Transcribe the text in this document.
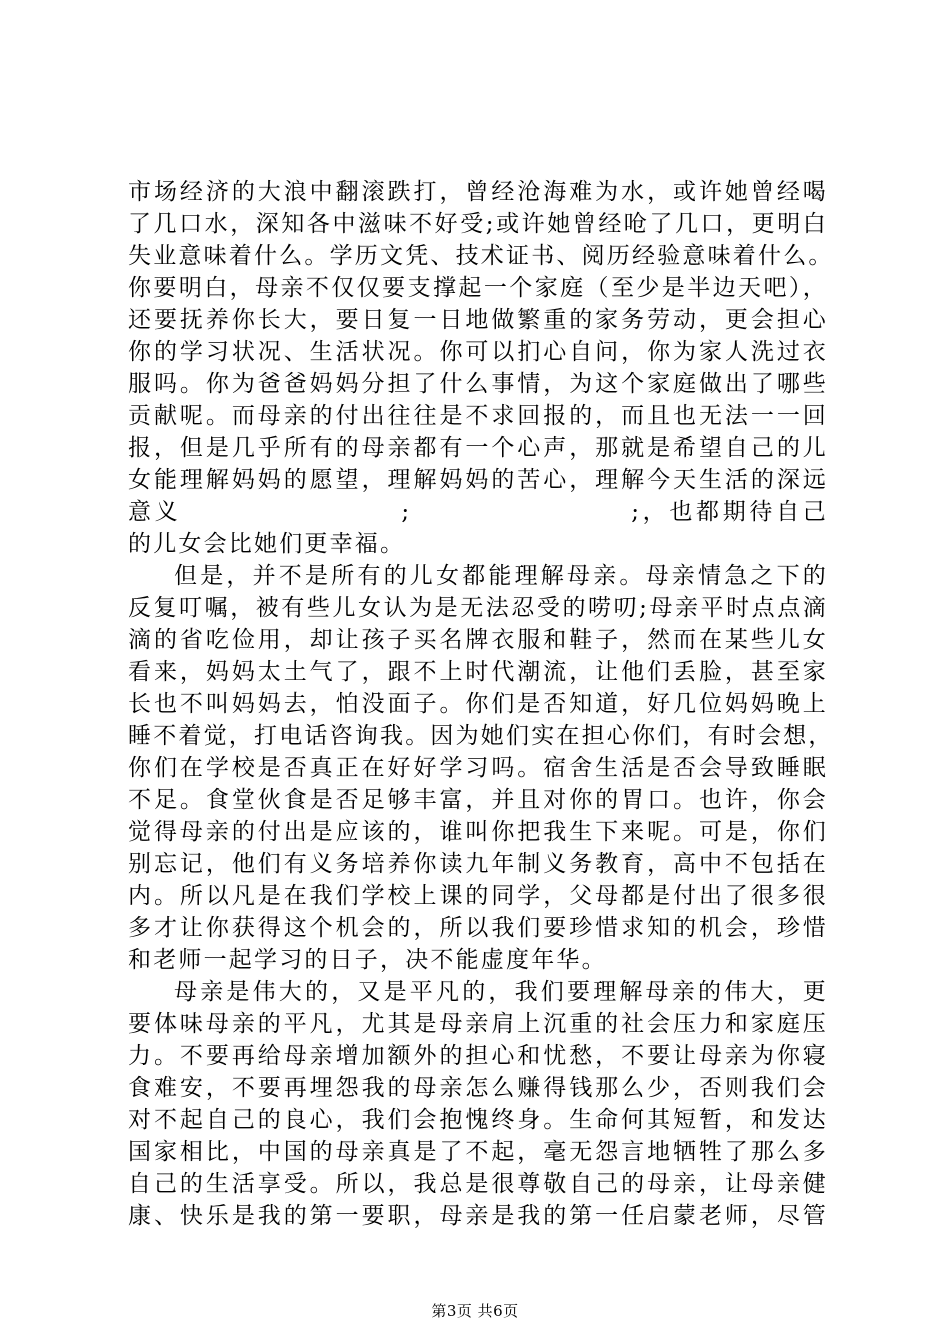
市场经济的大浪中翻滚跌打，曾经沧海难为水，或许她曾经喝
了几口水，深知各中滋味不好受;或许她曾经呛了几口，更明白
失业意味着什么。学历文凭、技术证书、阅历经验意味着什么。
你要明白，母亲不仅仅要支撑起一个家庭（至少是半边天吧），
还要抚养你长大，要日复一日地做繁重的家务劳动，更会担心
你的学习状况、生活状况。你可以扪心自问，你为家人洗过衣
服吗。你为爸爸妈妈分担了什么事情，为这个家庭做出了哪些
贡献呢。而母亲的付出往往是不求回报的，而且也无法一一回
报，但是几乎所有的母亲都有一个心声，那就是希望自己的儿
女能理解妈妈的愿望，理解妈妈的苦心，理解今天生活的深远
意义                    ;                    ;，也都期待自己
的儿女会比她们更幸福。
但是，并不是所有的儿女都能理解母亲。母亲情急之下的
反复叮嘱，被有些儿女认为是无法忍受的唠叨;母亲平时点点滴
滴的省吃俭用，却让孩子买名牌衣服和鞋子，然而在某些儿女
看来，妈妈太土气了，跟不上时代潮流，让他们丢脸，甚至家
长也不叫妈妈去，怕没面子。你们是否知道，好几位妈妈晚上
睡不着觉，打电话咨询我。因为她们实在担心你们，有时会想，
你们在学校是否真正在好好学习吗。宿舍生活是否会导致睡眠
不足。食堂伙食是否足够丰富，并且对你的胃口。也许，你会
觉得母亲的付出是应该的，谁叫你把我生下来呢。可是，你们
别忘记，他们有义务培养你读九年制义务教育，高中不包括在
内。所以凡是在我们学校上课的同学，父母都是付出了很多很
多才让你获得这个机会的，所以我们要珍惜求知的机会，珍惜
和老师一起学习的日子，决不能虚度年华。
母亲是伟大的，又是平凡的，我们要理解母亲的伟大，更
要体味母亲的平凡，尤其是母亲肩上沉重的社会压力和家庭压
力。不要再给母亲增加额外的担心和忧愁，不要让母亲为你寝
食难安，不要再埋怨我的母亲怎么赚得钱那么少，否则我们会
对不起自己的良心，我们会抱愧终身。生命何其短暂，和发达
国家相比，中国的母亲真是了不起，毫无怨言地牺牲了那么多
自己的生活享受。所以，我总是很尊敬自己的母亲，让母亲健
康、快乐是我的第一要职，母亲是我的第一任启蒙老师，尽管
第3页 共6页
